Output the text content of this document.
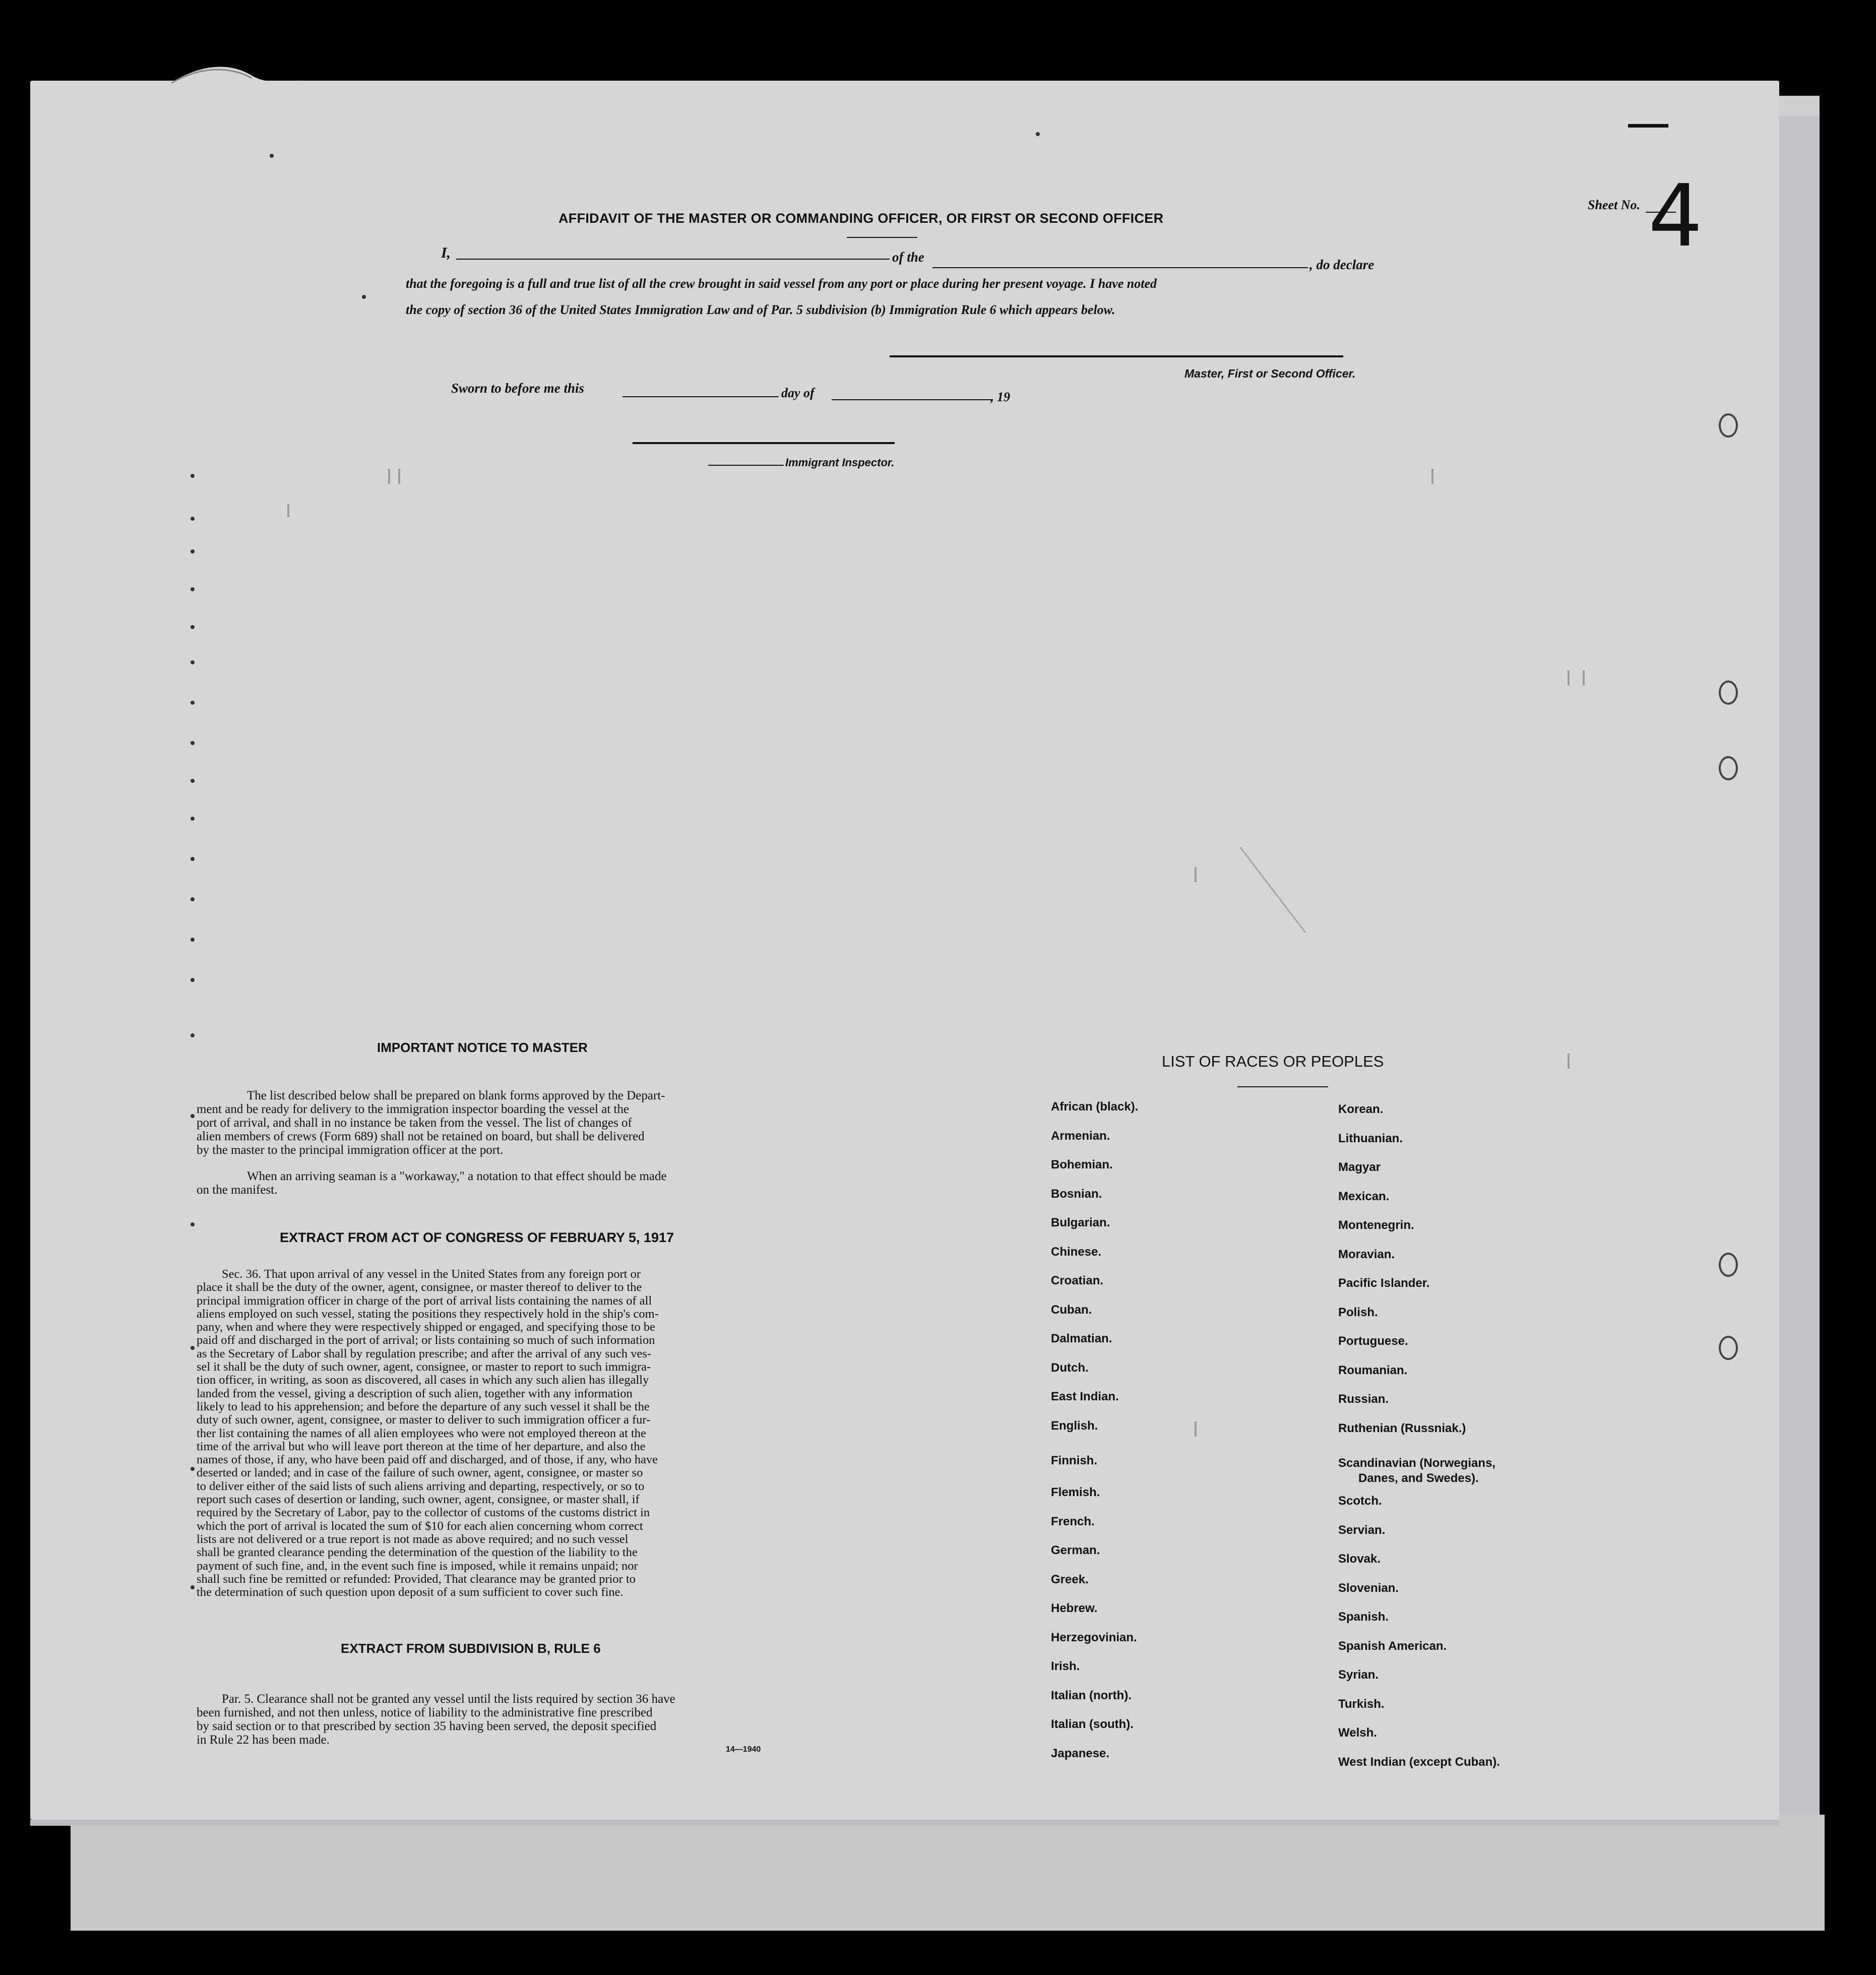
Sheet No. 4
AFFIDAVIT OF THE MASTER OR COMMANDING OFFICER, OR FIRST OR SECOND OFFICER
I,	of the	, do declare
that the foregoing is a full and true list of all the crew brought in said vessel from any port or place during her present voyage. I have noted
the copy of section 36 of the United States Immigration Law and of Par. 5 subdivision (b) Immigration Rule 6 which appears below.
Master, First or Second Officer.
Sworn to before me this	day of	, 19
Immigrant Inspector.
IMPORTANT NOTICE TO MASTER
The list described below shall be prepared on blank forms approved by the Depart-
ment and be ready for delivery to the immigration inspector boarding the vessel at the
port of arrival, and shall in no instance be taken from the vessel. The list of changes of
alien members of crews (Form 689) shall not be retained on board, but shall be delivered
by the master to the principal immigration officer at the port.
When an arriving seaman is a "workaway," a notation to that effect should be made
on the manifest.
EXTRACT FROM ACT OF CONGRESS OF FEBRUARY 5, 1917
Sec. 36. That upon arrival of any vessel in the United States from any foreign port or
place it shall be the duty of the owner, agent, consignee, or master thereof to deliver to the
principal immigration officer in charge of the port of arrival lists containing the names of all
aliens employed on such vessel, stating the positions they respectively hold in the ship's com-
pany, when and where they were respectively shipped or engaged, and specifying those to be
paid off and discharged in the port of arrival; or lists containing so much of such information
as the Secretary of Labor shall by regulation prescribe; and after the arrival of any such ves-
sel it shall be the duty of such owner, agent, consignee, or master to report to such immigra-
tion officer, in writing, as soon as discovered, all cases in which any such alien has illegally
landed from the vessel, giving a description of such alien, together with any information
likely to lead to his apprehension; and before the departure of any such vessel it shall be the
duty of such owner, agent, consignee, or master to deliver to such immigration officer a fur-
ther list containing the names of all alien employees who were not employed thereon at the
time of the arrival but who will leave port thereon at the time of her departure, and also the
names of those, if any, who have been paid off and discharged, and of those, if any, who have
deserted or landed; and in case of the failure of such owner, agent, consignee, or master so
to deliver either of the said lists of such aliens arriving and departing, respectively, or so to
report such cases of desertion or landing, such owner, agent, consignee, or master shall, if
required by the Secretary of Labor, pay to the collector of customs of the customs district in
which the port of arrival is located the sum of $10 for each alien concerning whom correct
lists are not delivered or a true report is not made as above required; and no such vessel
shall be granted clearance pending the determination of the question of the liability to the
payment of such fine, and, in the event such fine is imposed, while it remains unpaid; nor
shall such fine be remitted or refunded: Provided, That clearance may be granted prior to
the determination of such question upon deposit of a sum sufficient to cover such fine.
EXTRACT FROM SUBDIVISION B, RULE 6
Par. 5. Clearance shall not be granted any vessel until the lists required by section 36 have
been furnished, and not then unless, notice of liability to the administrative fine prescribed
by said section or to that prescribed by section 35 having been served, the deposit specified
in Rule 22 has been made.
14—1940
LIST OF RACES OR PEOPLES
African (black).
Armenian.
Bohemian.
Bosnian.
Bulgarian.
Chinese.
Croatian.
Cuban.
Dalmatian.
Dutch.
East Indian.
English.
Finnish.
Flemish.
French.
German.
Greek.
Hebrew.
Herzegovinian.
Irish.
Italian (north).
Italian (south).
Japanese.
Korean.
Lithuanian.
Magyar
Mexican.
Montenegrin.
Moravian.
Pacific Islander.
Polish.
Portuguese.
Roumanian.
Russian.
Ruthenian (Russniak.)
Scandinavian (Norwegians,
Danes, and Swedes).
Scotch.
Servian.
Slovak.
Slovenian.
Spanish.
Spanish American.
Syrian.
Turkish.
Welsh.
West Indian (except Cuban).
